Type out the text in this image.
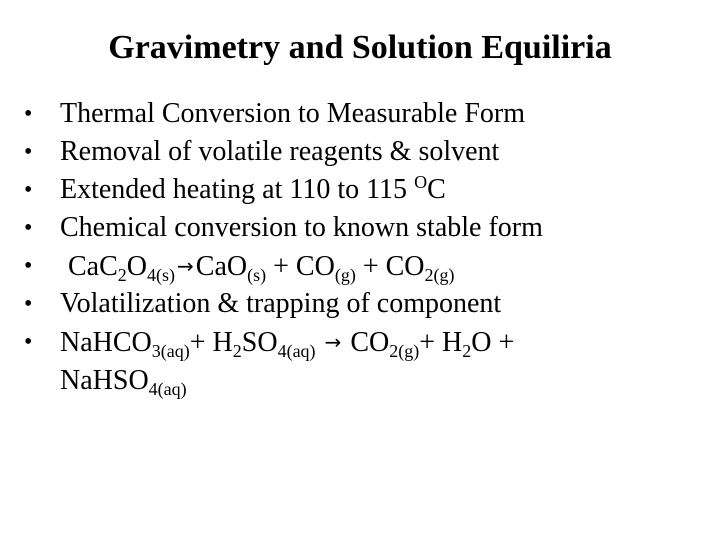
Gravimetry and Solution Equiliria
• Thermal Conversion to Measurable Form
• Removal of volatile reagents & solvent
• Extended heating at 110 to 115 $^O$C
• Chemical conversion to known stable form
•	$CaC_2O_{4(s)} \to CaO_{(s)} + CO_{(g)} + CO_{2(g)}$
• Volatilization & trapping of component
• NaHCO$_{3(aq)}$+ $H_2SO_{4(aq)} \to CO_{2(g)}+ H_2O$ +
NaHSO$_{4(aq)}$
